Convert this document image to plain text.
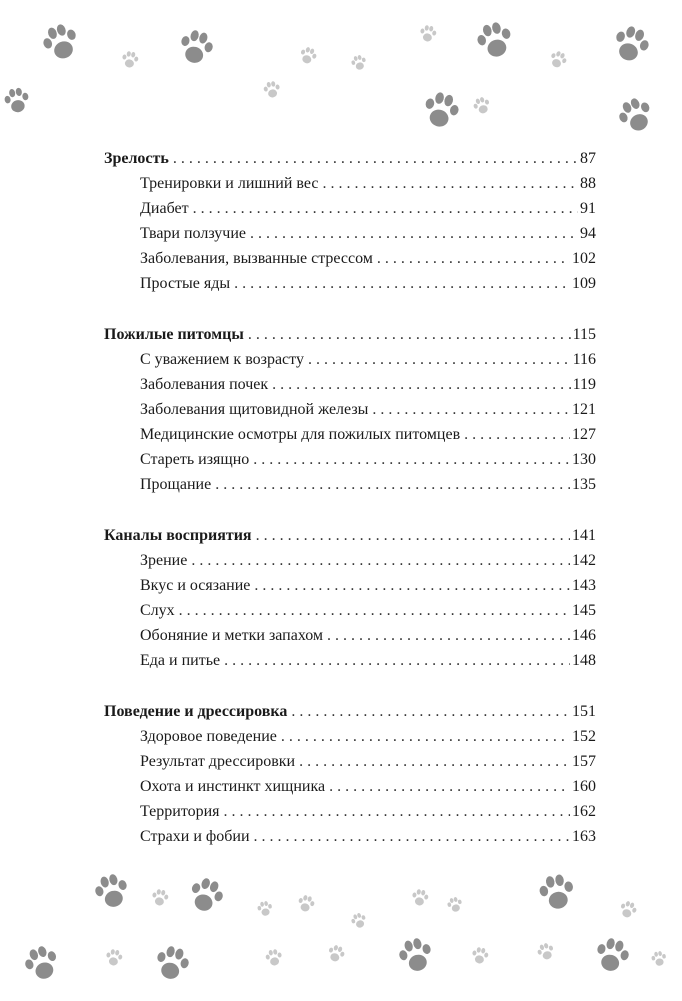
Зрелость . . .	87
Тренировки и лишний вес . . .	88
Диабет . . .	91
Твари ползучие . . .	94
Заболевания, вызванные стрессом . . .	102
Простые яды . . .	109
Пожилые питомцы . . .	115
С уважением к возрасту . . .	116
Заболевания почек . . .	119
Заболевания щитовидной железы . . .	121
Медицинские осмотры для пожилых питомцев . . .	127
Стареть изящно . . .	130
Прощание . . .	135
Каналы восприятия . . .	141
Зрение . . .	142
Вкус и осязание . . .	143
Слух . . .	145
Обоняние и метки запахом . . .	146
Еда и питье . . .	148
Поведение и дрессировка . . .	151
Здоровое поведение . . .	152
Результат дрессировки . . .	157
Охота и инстинкт хищника . . .	160
Территория . . .	162
Страхи и фобии . . .	163
